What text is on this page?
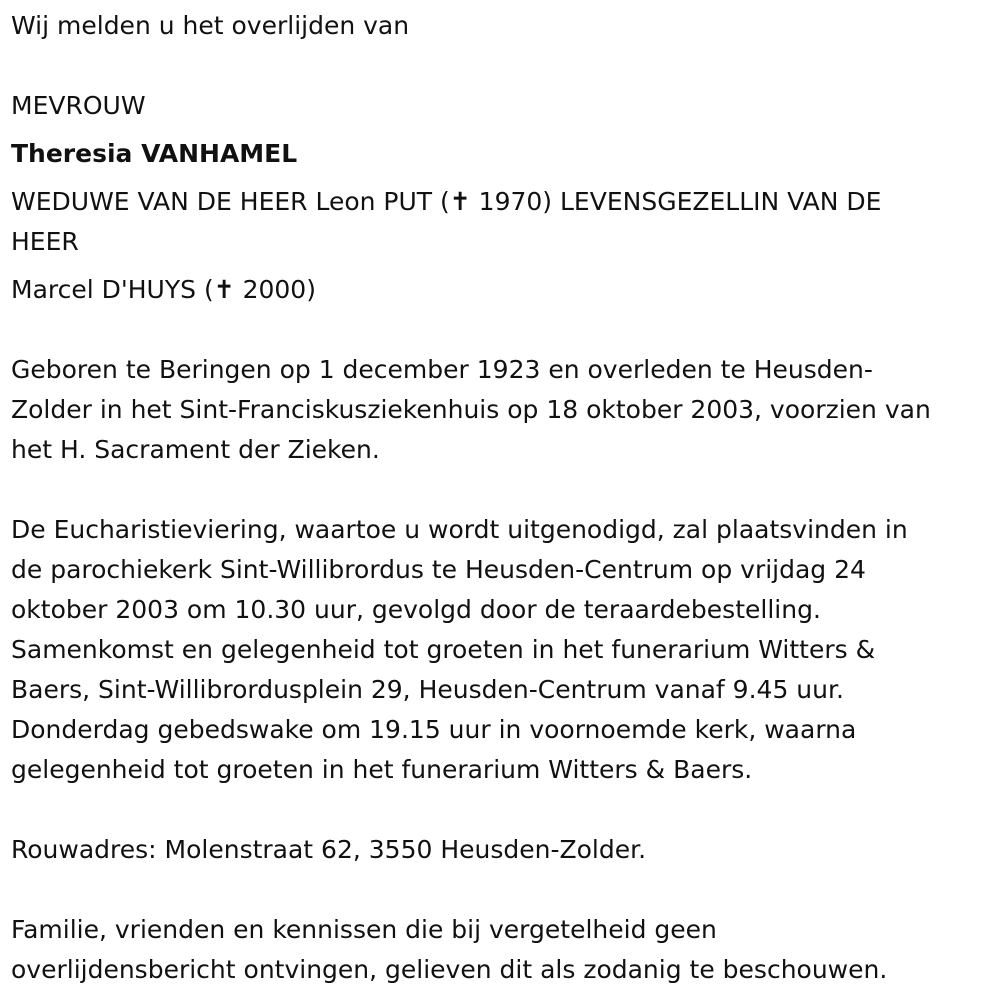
Wij melden u het overlijden van

MEVROUW

Theresia VANHAMEL

WEDUWE VAN DE HEER Leon PUT (✝ 1970) LEVENSGEZELLIN VAN DE

HEER

Marcel D'HUYS (✝ 2000)

Geboren te Beringen op 1 december 1923 en overleden te Heusden-

Zolder in het Sint-Franciskusziekenhuis op 18 oktober 2003, voorzien van

het H. Sacrament der Zieken.

De Eucharistieviering, waartoe u wordt uitgenodigd, zal plaatsvinden in

de parochiekerk Sint-Willibrordus te Heusden-Centrum op vrijdag 24

oktober 2003 om 10.30 uur, gevolgd door de teraardebestelling.

Samenkomst en gelegenheid tot groeten in het funerarium Witters &

Baers, Sint-Willibrordusplein 29, Heusden-Centrum vanaf 9.45 uur.

Donderdag gebedswake om 19.15 uur in voornoemde kerk, waarna

gelegenheid tot groeten in het funerarium Witters & Baers.

Rouwadres: Molenstraat 62, 3550 Heusden-Zolder.

Familie, vrienden en kennissen die bij vergetelheid geen

overlijdensbericht ontvingen, gelieven dit als zodanig te beschouwen.
